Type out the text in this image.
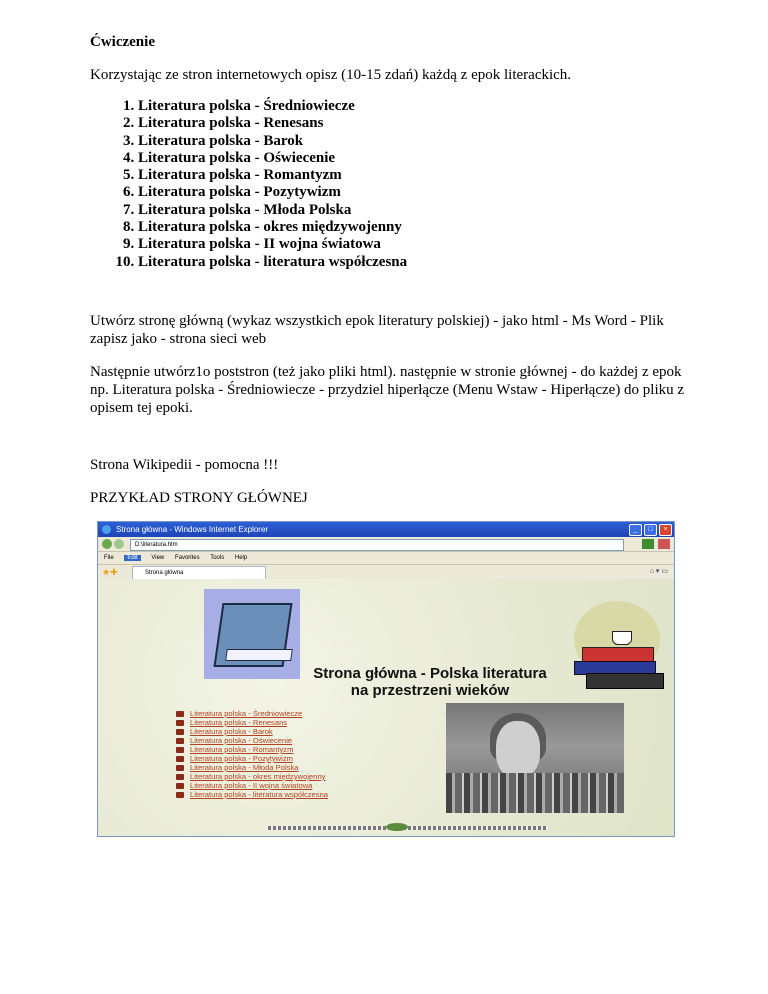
Ćwiczenie
Korzystając ze stron internetowych opisz (10-15 zdań) każdą z epok literackich.
1. Literatura polska - Średniowiecze
2. Literatura polska - Renesans
3. Literatura polska - Barok
4. Literatura polska - Oświecenie
5. Literatura polska - Romantyzm
6. Literatura polska - Pozytywizm
7. Literatura polska - Młoda Polska
8. Literatura polska - okres międzywojenny
9. Literatura polska - II wojna światowa
10. Literatura polska - literatura współczesna
Utwórz stronę główną (wykaz wszystkich epok literatury polskiej) - jako html - Ms Word - Plik zapisz jako - strona sieci web
Następnie utwórz1o poststron (też jako pliki html). następnie w stronie głównej - do każdej z epok np. Literatura polska - Średniowiecze - przydziel hiperłącze (Menu Wstaw - Hiperłącze) do pliku z opisem tej epoki.
Strona Wikipedii - pomocna !!!
PRZYKŁAD STRONY GŁÓWNEJ
Strona główna - Windows Internet Explorer	_	□	×
D:\literatura.htm
File Edit View Favorites Tools Help
★✚	Strona główna	⌂ ▾ ▭
Strona główna - Polska literatura
na przestrzeni wieków
Literatura polska - Średniowiecze
Literatura polska - Renesans
Literatura polska - Barok
Literatura polska - Oświecenie
Literatura polska - Romantyzm
Literatura polska - Pozytywizm
Literatura polska - Młoda Polska
Literatura polska - okres międzywojenny
Literatura polska - II wojna światowa
Literatura polska - literatura współczesna
